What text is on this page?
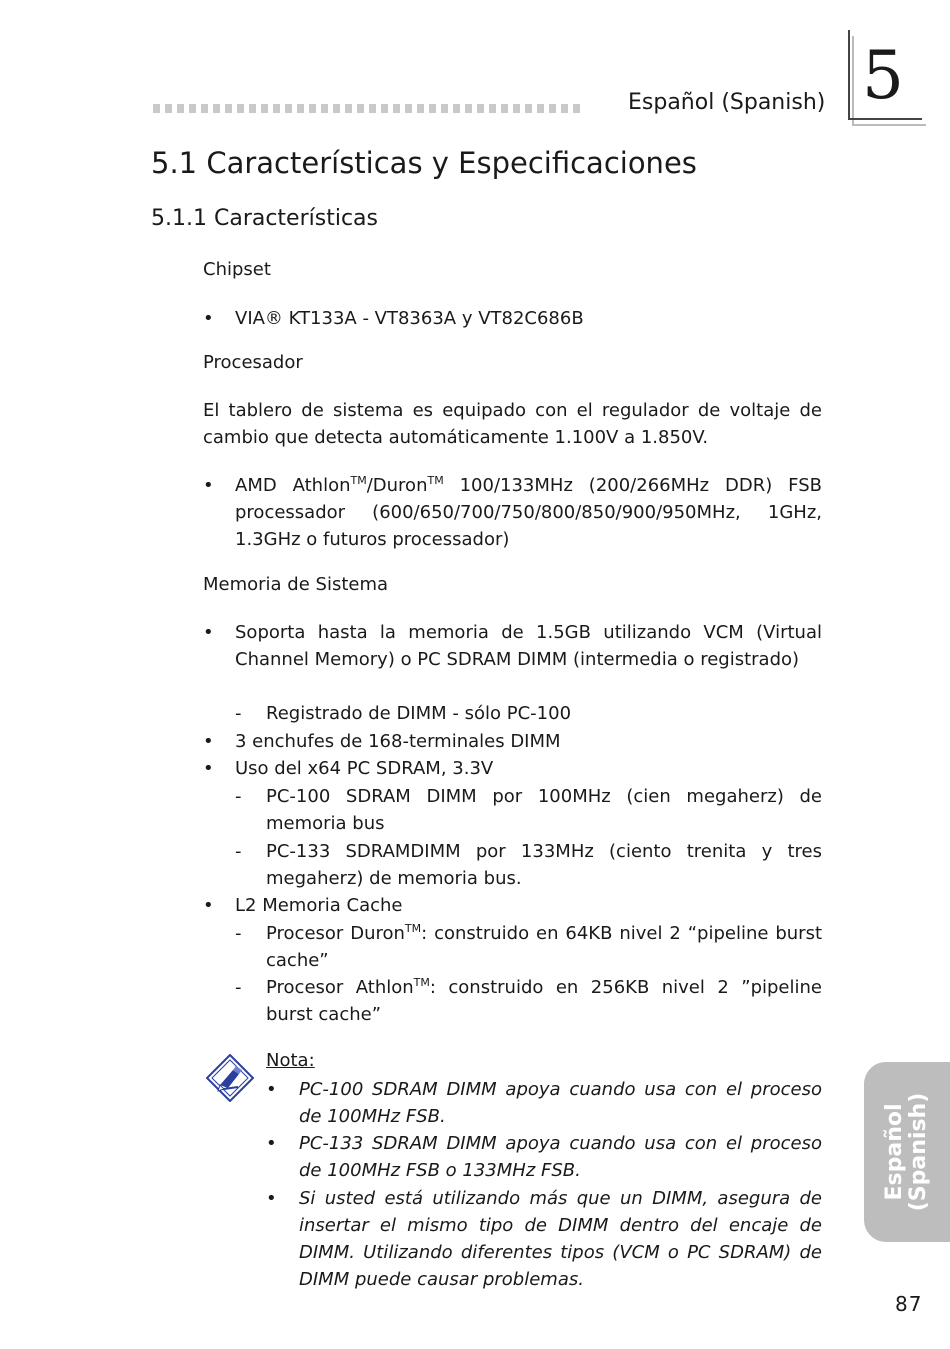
Español (Spanish) 5
5.1 Características y Especificaciones
5.1.1 Características
Chipset
• VIA® KT133A - VT8363A y VT82C686B
Procesador
El tablero de sistema es equipado con el regulador de voltaje de cambio que detecta automáticamente 1.100V a 1.850V.
• AMD Athlon™/Duron™ 100/133MHz (200/266MHz DDR) FSB processador (600/650/700/750/800/850/900/950MHz, 1GHz, 1.3GHz o futuros processador)
Memoria de Sistema
• Soporta hasta la memoria de 1.5GB utilizando VCM (Virtual Channel Memory) o PC SDRAM DIMM (intermedia o registrado)
- Registrado de DIMM - sólo PC-100
• 3 enchufes de 168-terminales DIMM
• Uso del x64 PC SDRAM, 3.3V
- PC-100 SDRAM DIMM por 100MHz (cien megaherz) de memoria bus
- PC-133 SDRAMDIMM por 133MHz (ciento trenita y tres megaherz) de memoria bus.
• L2 Memoria Cache
- Procesor Duron™: construido en 64KB nivel 2 “pipeline burst cache”
- Procesor Athlon™: construido en 256KB nivel 2 ”pipeline burst cache”
Nota:
• PC-100 SDRAM DIMM apoya cuando usa con el proceso de 100MHz FSB.
• PC-133 SDRAM DIMM apoya cuando usa con el proceso de 100MHz FSB o 133MHz FSB.
• Si usted está utilizando más que un DIMM, asegura de insertar el mismo tipo de DIMM dentro del encaje de DIMM. Utilizando diferentes tipos (VCM o PC SDRAM) de DIMM puede causar problemas.
Español (Spanish)
87
